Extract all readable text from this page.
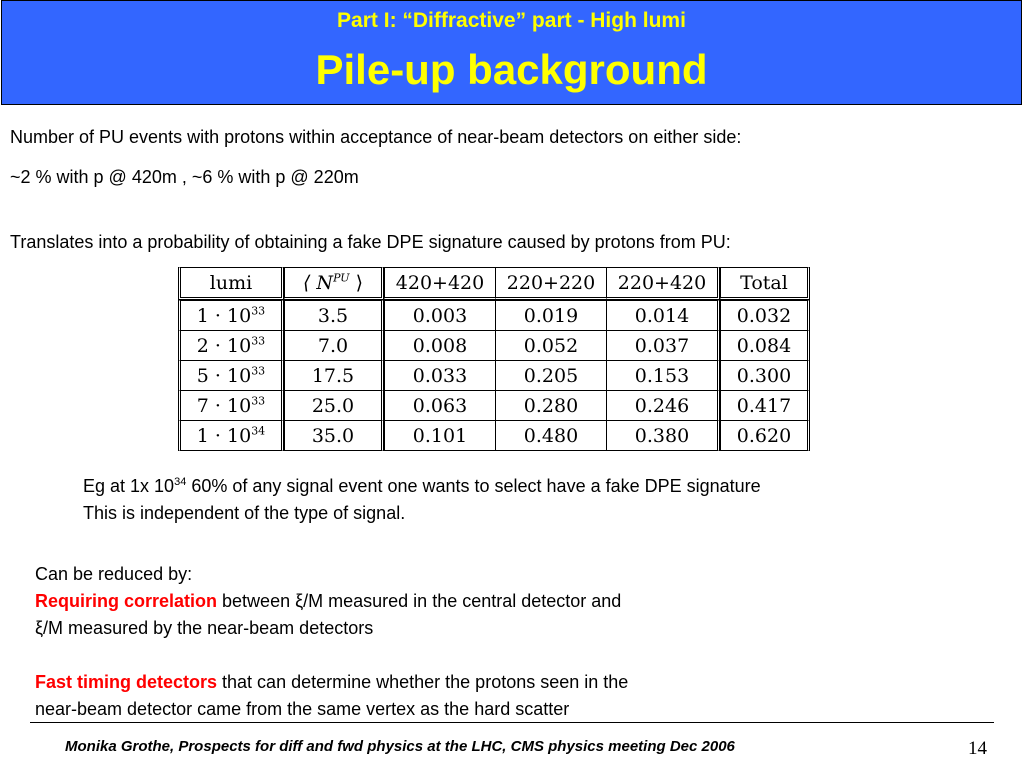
Part I: “Diffractive” part - High lumi
Pile-up background
Number of PU events with protons within acceptance of near-beam detectors on either side:
~2 % with p @ 420m , ~6 % with p @ 220m
Translates into a probability of obtaining a fake DPE signature caused by protons from PU:
lumi	⟨ $N^{PU}$ ⟩	420+420	220+220	220+420	Total
$1 \cdot 10^{33}$	3.5	0.003	0.019	0.014	0.032
$2 \cdot 10^{33}$	7.0	0.008	0.052	0.037	0.084
$5 \cdot 10^{33}$	17.5	0.033	0.205	0.153	0.300
$7 \cdot 10^{33}$	25.0	0.063	0.280	0.246	0.417
$1 \cdot 10^{34}$	35.0	0.101	0.480	0.380	0.620
Eg at 1x $10^{34}$ 60% of any signal event one wants to select have a fake DPE signature
This is independent of the type of signal.
Can be reduced by:
Requiring correlation between ξ/M measured in the central detector and
ξ/M measured by the near-beam detectors
Fast timing detectors that can determine whether the protons seen in the
near-beam detector came from the same vertex as the hard scatter
Monika Grothe, Prospects for diff and fwd physics at the LHC, CMS physics meeting Dec 2006	14
